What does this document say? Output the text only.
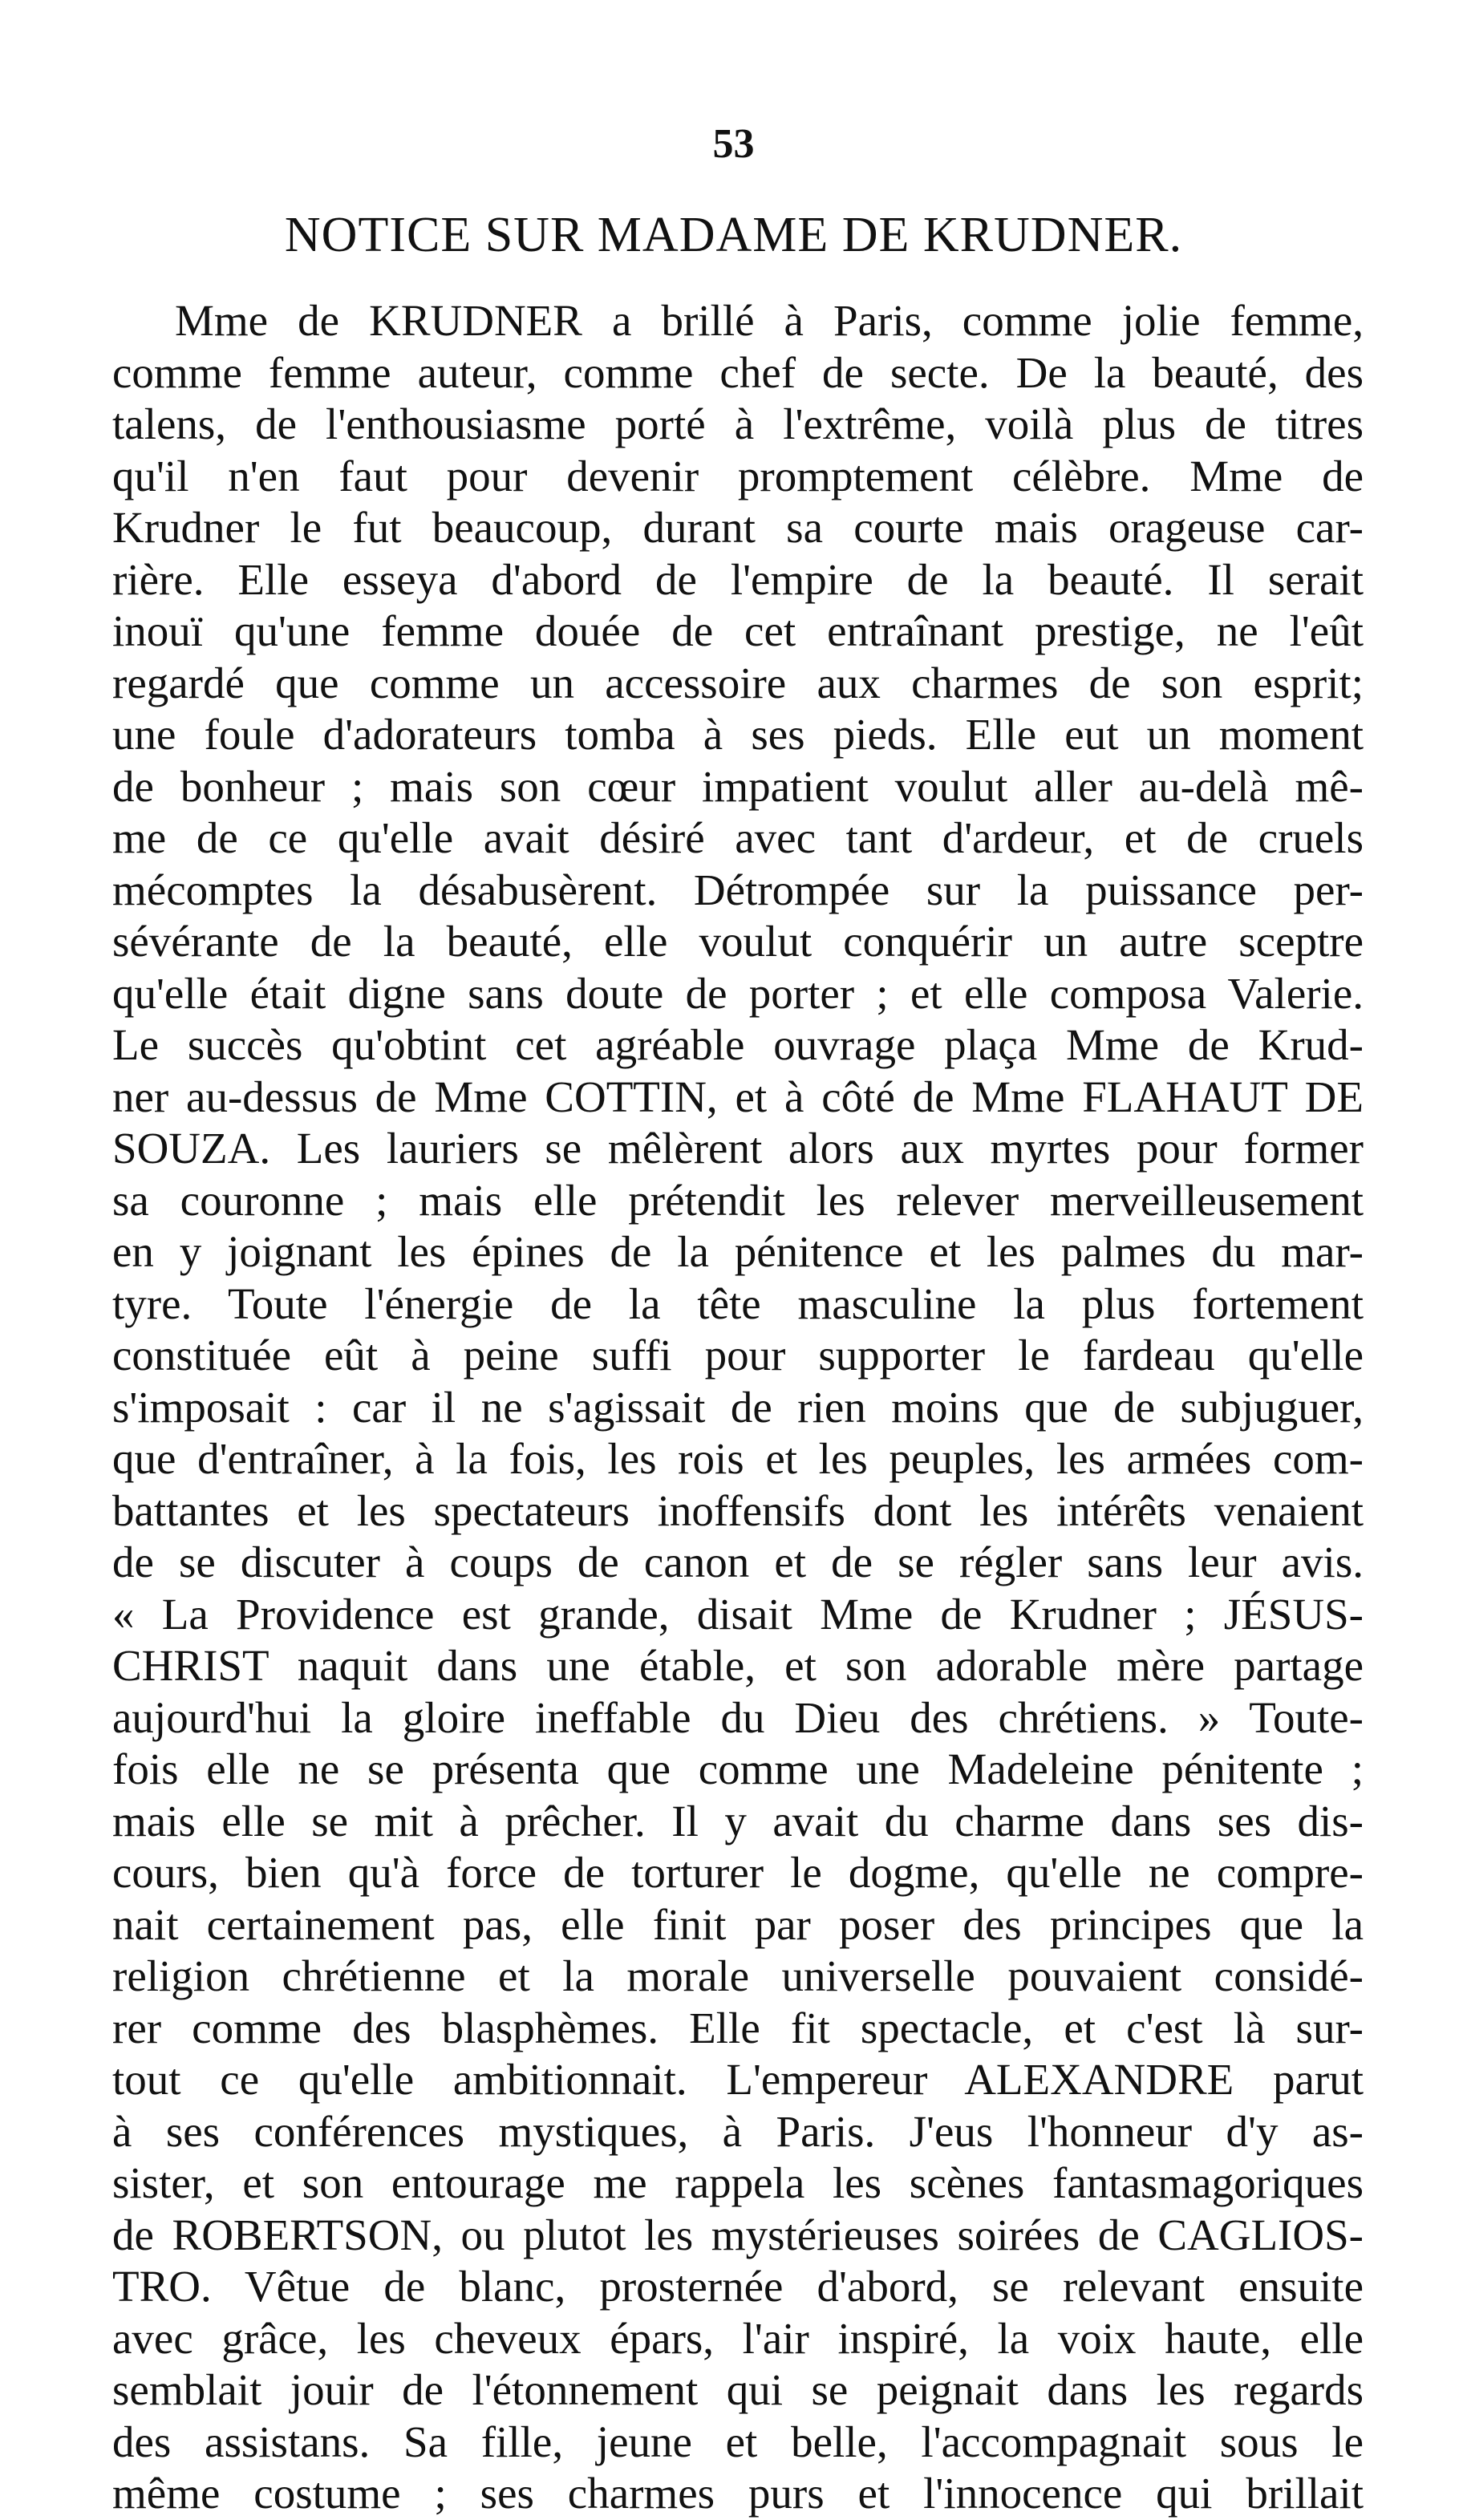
53
NOTICE SUR MADAME DE KRUDNER.
Mme de KRUDNER a brillé à Paris, comme jolie femme,
comme femme auteur, comme chef de secte. De la beauté, des
talens, de l'enthousiasme porté à l'extrême, voilà plus de titres
qu'il n'en faut pour devenir promptement célèbre. Mme de
Krudner le fut beaucoup, durant sa courte mais orageuse car-
rière. Elle esseya d'abord de l'empire de la beauté. Il serait
inouï qu'une femme douée de cet entraînant prestige, ne l'eût
regardé que comme un accessoire aux charmes de son esprit;
une foule d'adorateurs tomba à ses pieds. Elle eut un moment
de bonheur ; mais son cœur impatient voulut aller au-delà mê-
me de ce qu'elle avait désiré avec tant d'ardeur, et de cruels
mécomptes la désabusèrent. Détrompée sur la puissance per-
sévérante de la beauté, elle voulut conquérir un autre sceptre
qu'elle était digne sans doute de porter ; et elle composa Valerie.
Le succès qu'obtint cet agréable ouvrage plaça Mme de Krud-
ner au-dessus de Mme COTTIN, et à côté de Mme FLAHAUT DE
SOUZA. Les lauriers se mêlèrent alors aux myrtes pour former
sa couronne ; mais elle prétendit les relever merveilleusement
en y joignant les épines de la pénitence et les palmes du mar-
tyre. Toute l'énergie de la tête masculine la plus fortement
constituée eût à peine suffi pour supporter le fardeau qu'elle
s'imposait : car il ne s'agissait de rien moins que de subjuguer,
que d'entraîner, à la fois, les rois et les peuples, les armées com-
battantes et les spectateurs inoffensifs dont les intérêts venaient
de se discuter à coups de canon et de se régler sans leur avis.
« La Providence est grande, disait Mme de Krudner ; JÉSUS-
CHRIST naquit dans une étable, et son adorable mère partage
aujourd'hui la gloire ineffable du Dieu des chrétiens. » Toute-
fois elle ne se présenta que comme une Madeleine pénitente ;
mais elle se mit à prêcher. Il y avait du charme dans ses dis-
cours, bien qu'à force de torturer le dogme, qu'elle ne compre-
nait certainement pas, elle finit par poser des principes que la
religion chrétienne et la morale universelle pouvaient considé-
rer comme des blasphèmes. Elle fit spectacle, et c'est là sur-
tout ce qu'elle ambitionnait. L'empereur ALEXANDRE parut
à ses conférences mystiques, à Paris. J'eus l'honneur d'y as-
sister, et son entourage me rappela les scènes fantasmagoriques
de ROBERTSON, ou plutot les mystérieuses soirées de CAGLIOS-
TRO. Vêtue de blanc, prosternée d'abord, se relevant ensuite
avec grâce, les cheveux épars, l'air inspiré, la voix haute, elle
semblait jouir de l'étonnement qui se peignait dans les regards
des assistans. Sa fille, jeune et belle, l'accompagnait sous le
même costume ; ses charmes purs et l'innocence qui brillait
